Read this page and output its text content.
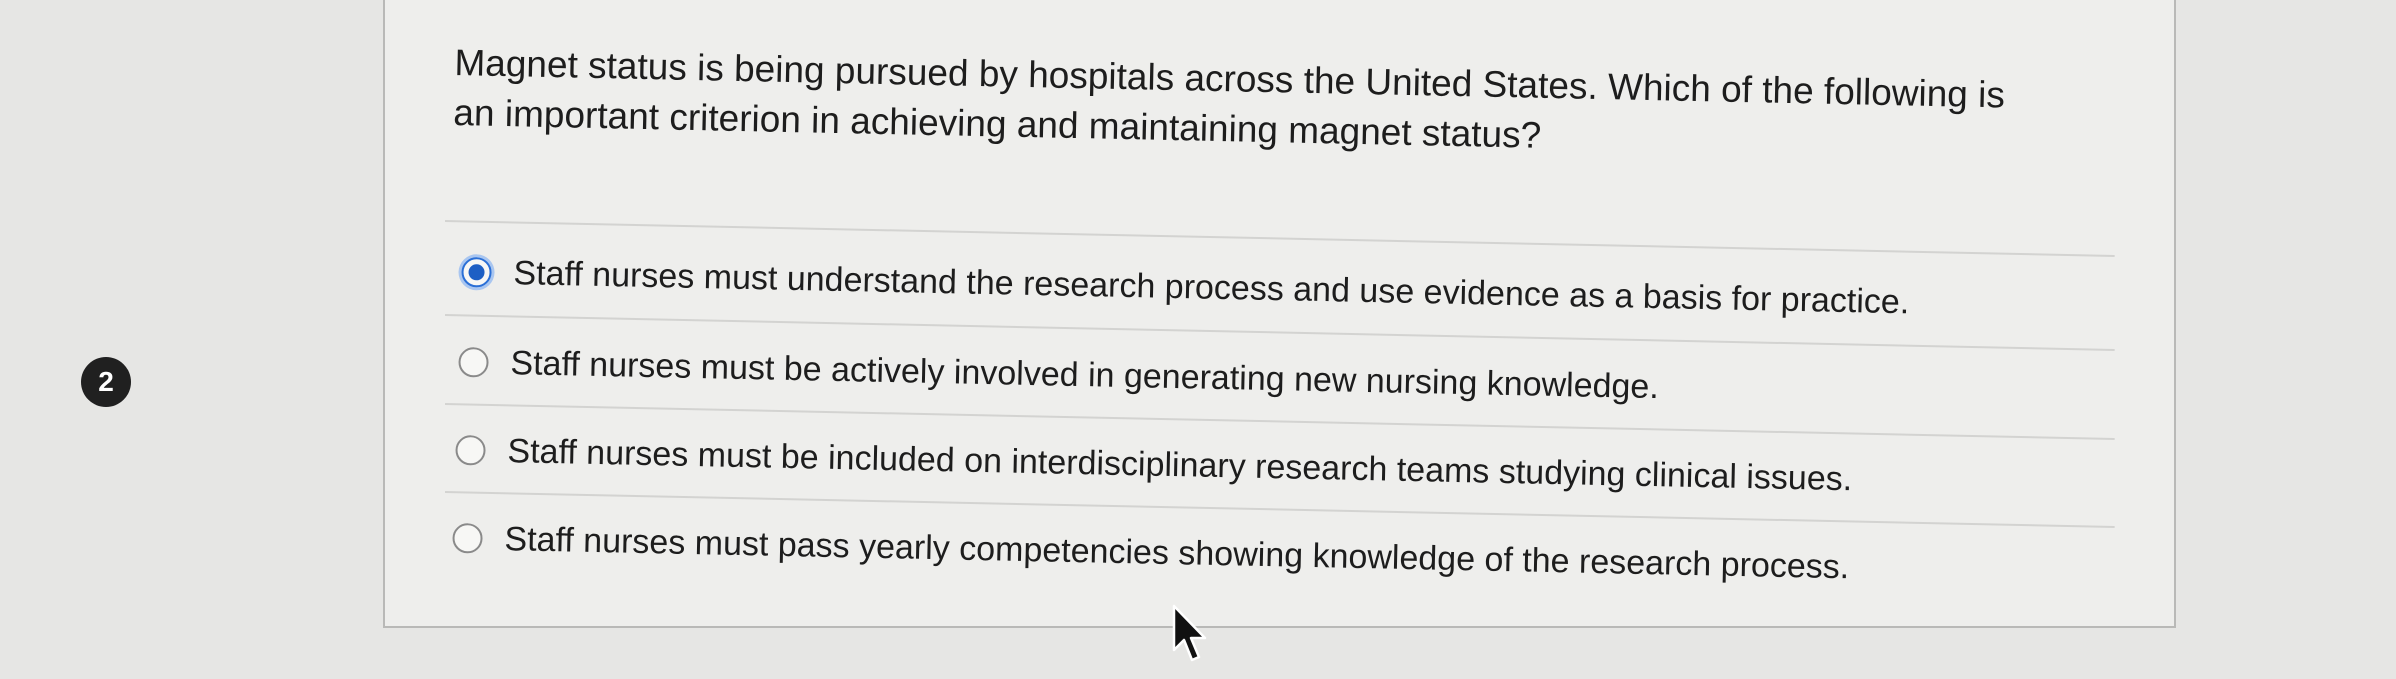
2
Magnet status is being pursued by hospitals across the United States. Which of the following is an important criterion in achieving and maintaining magnet status?
Staff nurses must understand the research process and use evidence as a basis for practice.
Staff nurses must be actively involved in generating new nursing knowledge.
Staff nurses must be included on interdisciplinary research teams studying clinical issues.
Staff nurses must pass yearly competencies showing knowledge of the research process.
